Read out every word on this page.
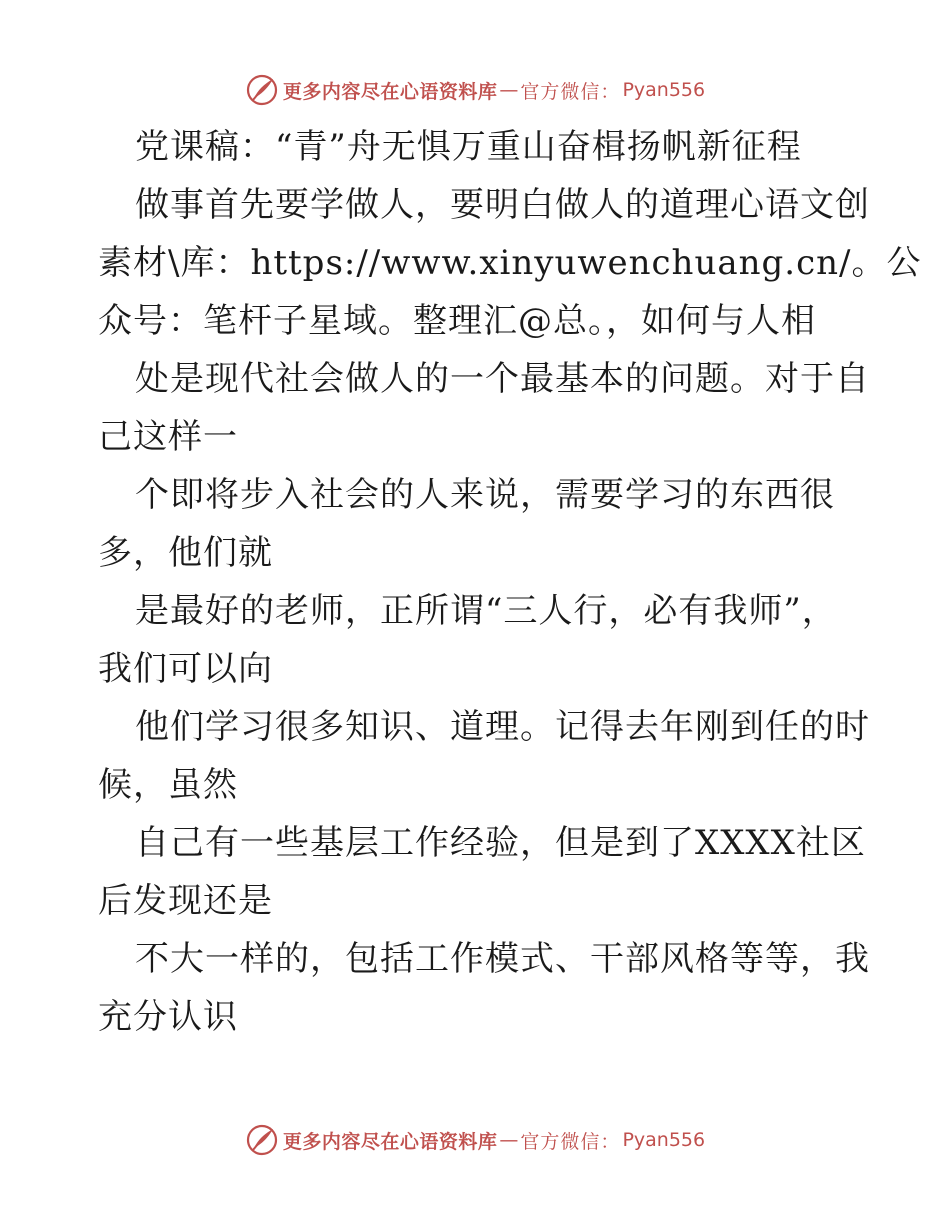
更多内容尽在心语资料库 — 官方微信： Pyan556
党课稿：“青”舟无惧万重山奋楫扬帆新征程
做事首先要学做人，要明白做人的道理心语文创
素材\库：https://www.xinyuwenchuang.cn/。公
众号：笔杆子星域。整理汇@总。，如何与人相
处是现代社会做人的一个最基本的问题。对于自
己这样一
个即将步入社会的人来说，需要学习的东西很
多，他们就
是最好的老师，正所谓“三人行，必有我师”，
我们可以向
他们学习很多知识、道理。记得去年刚到任的时
候，虽然
自己有一些基层工作经验，但是到了XXXX社区
后发现还是
不大一样的，包括工作模式、干部风格等等，我
充分认识
更多内容尽在心语资料库 — 官方微信： Pyan556
